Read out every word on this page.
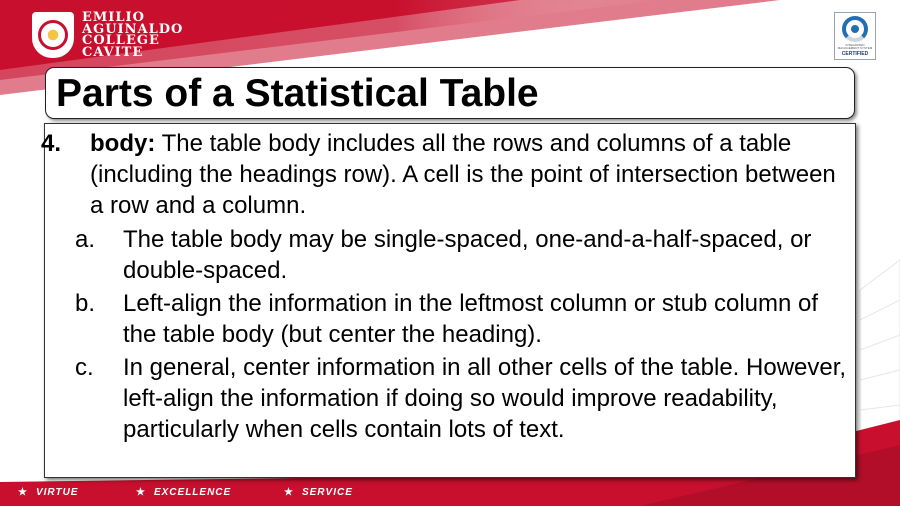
EMILIO
AGUINALDO
COLLEGE
CAVITE	INTEGRATED MANAGEMENT SYSTEM
CERTIFIED
Parts of a Statistical Table
4. body: The table body includes all the rows and columns of a table (including the headings row). A cell is the point of intersection between a row and a column.
a.	The table body may be single-spaced, one-and-a-half-spaced, or double-spaced.
b.	Left-align the information in the leftmost column or stub column of the table body (but center the heading).
c.	In general, center information in all other cells of the table. However, left-align the information if doing so would improve readability, particularly when cells contain lots of text.
★ VIRTUE	★ EXCELLENCE	★ SERVICE
